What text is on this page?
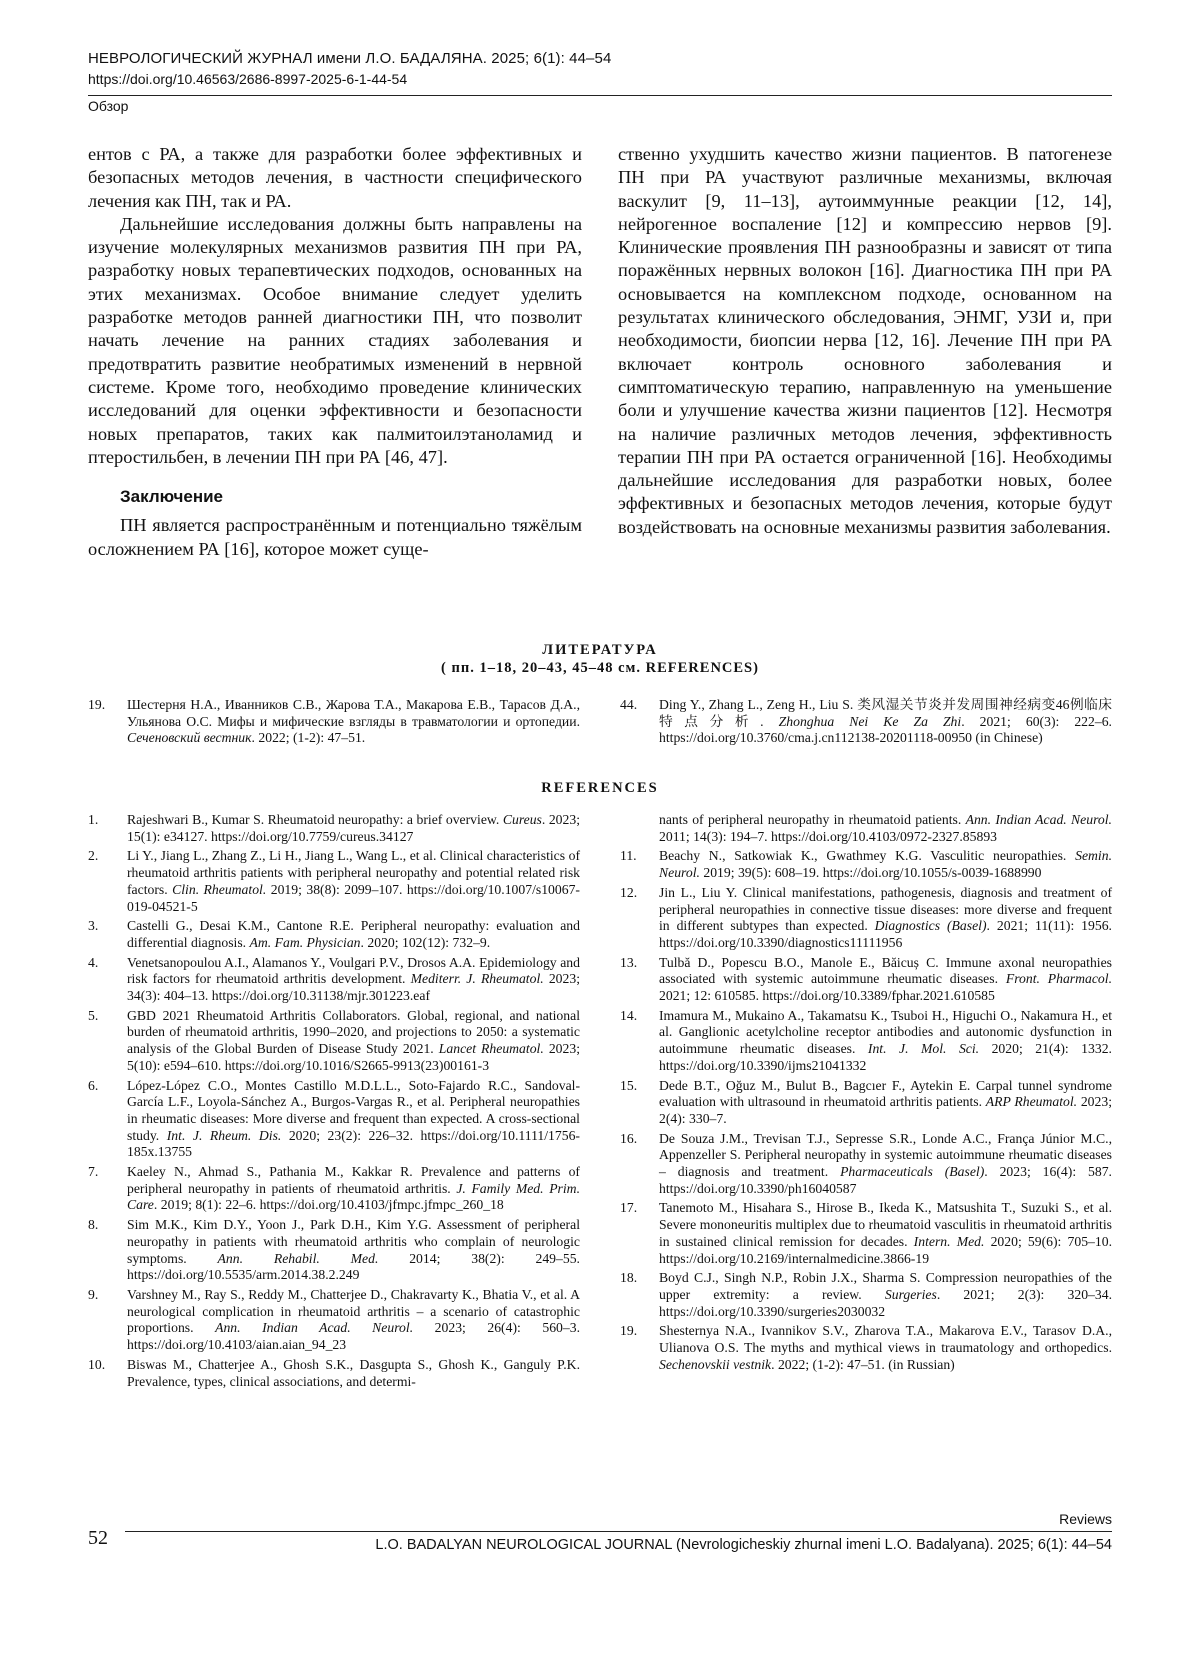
НЕВРОЛОГИЧЕСКИЙ ЖУРНАЛ имени Л.О. БАДАЛЯНА. 2025; 6(1): 44–54
https://doi.org/10.46563/2686-8997-2025-6-1-44-54
Обзор

ентов с РА, а также для разработки более эффективных и безопасных методов лечения, в частности специфического лечения как ПН, так и РА.

Дальнейшие исследования должны быть направлены на изучение молекулярных механизмов развития ПН при РА, разработку новых терапевтических подходов, основанных на этих механизмах. Особое внимание следует уделить разработке методов ранней диагностики ПН, что позволит начать лечение на ранних стадиях заболевания и предотвратить развитие необратимых изменений в нервной системе. Кроме того, необходимо проведение клинических исследований для оценки эффективности и безопасности новых препаратов, таких как палмитоилэтаноламид и птеростильбен, в лечении ПН при РА [46, 47].

Заключение

ПН является распространённым и потенциально тяжёлым осложнением РА [16], которое может суще-

ственно ухудшить качество жизни пациентов. В патогенезе ПН при РА участвуют различные механизмы, включая васкулит [9, 11–13], аутоиммунные реакции [12, 14], нейрогенное воспаление [12] и компрессию нервов [9]. Клинические проявления ПН разнообразны и зависят от типа поражённых нервных волокон [16]. Диагностика ПН при РА основывается на комплексном подходе, основанном на результатах клинического обследования, ЭНМГ, УЗИ и, при необходимости, биопсии нерва [12, 16]. Лечение ПН при РА включает контроль основного заболевания и симптоматическую терапию, направленную на уменьшение боли и улучшение качества жизни пациентов [12]. Несмотря на наличие различных методов лечения, эффективность терапии ПН при РА остается ограниченной [16]. Необходимы дальнейшие исследования для разработки новых, более эффективных и безопасных методов лечения, которые будут воздействовать на основные механизмы развития заболевания.

ЛИТЕРАТУРА
( пп. 1–18, 20–43, 45–48 см. REFERENCES)
19. Шестерня Н.А., Иванников С.В., Жарова Т.А., Макарова Е.В., Тарасов Д.А., Ульянова О.С. Мифы и мифические взгляды в травматологии и ортопедии. Сеченовский вестник. 2022; (1-2): 47–51.
44. Ding Y., Zhang L., Zeng H., Liu S. 类风湿关节炎并发周围神经病变46例临床特点分析. Zhonghua Nei Ke Za Zhi. 2021; 60(3): 222–6. https://doi.org/10.3760/cma.j.cn112138-20201118-00950 (in Chinese)
REFERENCES
1. Rajeshwari B., Kumar S. Rheumatoid neuropathy: a brief overview. Cureus. 2023; 15(1): e34127. https://doi.org/10.7759/cureus.34127
2. Li Y., Jiang L., Zhang Z., Li H., Jiang L., Wang L., et al. Clinical characteristics of rheumatoid arthritis patients with peripheral neuropathy and potential related risk factors. Clin. Rheumatol. 2019; 38(8): 2099–107. https://doi.org/10.1007/s10067-019-04521-5
3. Castelli G., Desai K.M., Cantone R.E. Peripheral neuropathy: evaluation and differential diagnosis. Am. Fam. Physician. 2020; 102(12): 732–9.
4. Venetsanopoulou A.I., Alamanos Y., Voulgari P.V., Drosos A.A. Epidemiology and risk factors for rheumatoid arthritis development. Mediterr. J. Rheumatol. 2023; 34(3): 404–13. https://doi.org/10.31138/mjr.301223.eaf
5. GBD 2021 Rheumatoid Arthritis Collaborators. Global, regional, and national burden of rheumatoid arthritis, 1990–2020, and projections to 2050: a systematic analysis of the Global Burden of Disease Study 2021. Lancet Rheumatol. 2023; 5(10): e594–610. https://doi.org/10.1016/S2665-9913(23)00161-3
6. López-López C.O., Montes Castillo M.D.L.L., Soto-Fajardo R.C., Sandoval-García L.F., Loyola-Sánchez A., Burgos-Vargas R., et al. Peripheral neuropathies in rheumatic diseases: More diverse and frequent than expected. A cross-sectional study. Int. J. Rheum. Dis. 2020; 23(2): 226–32. https://doi.org/10.1111/1756-185x.13755
7. Kaeley N., Ahmad S., Pathania M., Kakkar R. Prevalence and patterns of peripheral neuropathy in patients of rheumatoid arthritis. J. Family Med. Prim. Care. 2019; 8(1): 22–6. https://doi.org/10.4103/jfmpc.jfmpc_260_18
8. Sim M.K., Kim D.Y., Yoon J., Park D.H., Kim Y.G. Assessment of peripheral neuropathy in patients with rheumatoid arthritis who complain of neurologic symptoms. Ann. Rehabil. Med. 2014; 38(2): 249–55. https://doi.org/10.5535/arm.2014.38.2.249
9. Varshney M., Ray S., Reddy M., Chatterjee D., Chakravarty K., Bhatia V., et al. A neurological complication in rheumatoid arthritis – a scenario of catastrophic proportions. Ann. Indian Acad. Neurol. 2023; 26(4): 560–3. https://doi.org/10.4103/aian.aian_94_23
10. Biswas M., Chatterjee A., Ghosh S.K., Dasgupta S., Ghosh K., Ganguly P.K. Prevalence, types, clinical associations, and determi-
nants of peripheral neuropathy in rheumatoid patients. Ann. Indian Acad. Neurol. 2011; 14(3): 194–7. https://doi.org/10.4103/0972-2327.85893
11. Beachy N., Satkowiak K., Gwathmey K.G. Vasculitic neuropathies. Semin. Neurol. 2019; 39(5): 608–19. https://doi.org/10.1055/s-0039-1688990
12. Jin L., Liu Y. Clinical manifestations, pathogenesis, diagnosis and treatment of peripheral neuropathies in connective tissue diseases: more diverse and frequent in different subtypes than expected. Diagnostics (Basel). 2021; 11(11): 1956. https://doi.org/10.3390/diagnostics11111956
13. Tulbă D., Popescu B.O., Manole E., Băicuș C. Immune axonal neuropathies associated with systemic autoimmune rheumatic diseases. Front. Pharmacol. 2021; 12: 610585. https://doi.org/10.3389/fphar.2021.610585
14. Imamura M., Mukaino A., Takamatsu K., Tsuboi H., Higuchi O., Nakamura H., et al. Ganglionic acetylcholine receptor antibodies and autonomic dysfunction in autoimmune rheumatic diseases. Int. J. Mol. Sci. 2020; 21(4): 1332. https://doi.org/10.3390/ijms21041332
15. Dede B.T., Oğuz M., Bulut B., Bagcıer F., Aytekin E. Carpal tunnel syndrome evaluation with ultrasound in rheumatoid arthritis patients. ARP Rheumatol. 2023; 2(4): 330–7.
16. De Souza J.M., Trevisan T.J., Sepresse S.R., Londe A.C., França Júnior M.C., Appenzeller S. Peripheral neuropathy in systemic autoimmune rheumatic diseases – diagnosis and treatment. Pharmaceuticals (Basel). 2023; 16(4): 587. https://doi.org/10.3390/ph16040587
17. Tanemoto M., Hisahara S., Hirose B., Ikeda K., Matsushita T., Suzuki S., et al. Severe mononeuritis multiplex due to rheumatoid vasculitis in rheumatoid arthritis in sustained clinical remission for decades. Intern. Med. 2020; 59(6): 705–10. https://doi.org/10.2169/internalmedicine.3866-19
18. Boyd C.J., Singh N.P., Robin J.X., Sharma S. Compression neuropathies of the upper extremity: a review. Surgeries. 2021; 2(3): 320–34. https://doi.org/10.3390/surgeries2030032
19. Shesternya N.A., Ivannikov S.V., Zharova T.A., Makarova E.V., Tarasov D.A., Ulianova O.S. The myths and mythical views in traumatology and orthopedics. Sechenovskii vestnik. 2022; (1-2): 47–51. (in Russian)
52
Reviews
L.O. BADALYAN NEUROLOGICAL JOURNAL (Nevrologicheskiy zhurnal imeni L.O. Badalyana). 2025; 6(1): 44–54
